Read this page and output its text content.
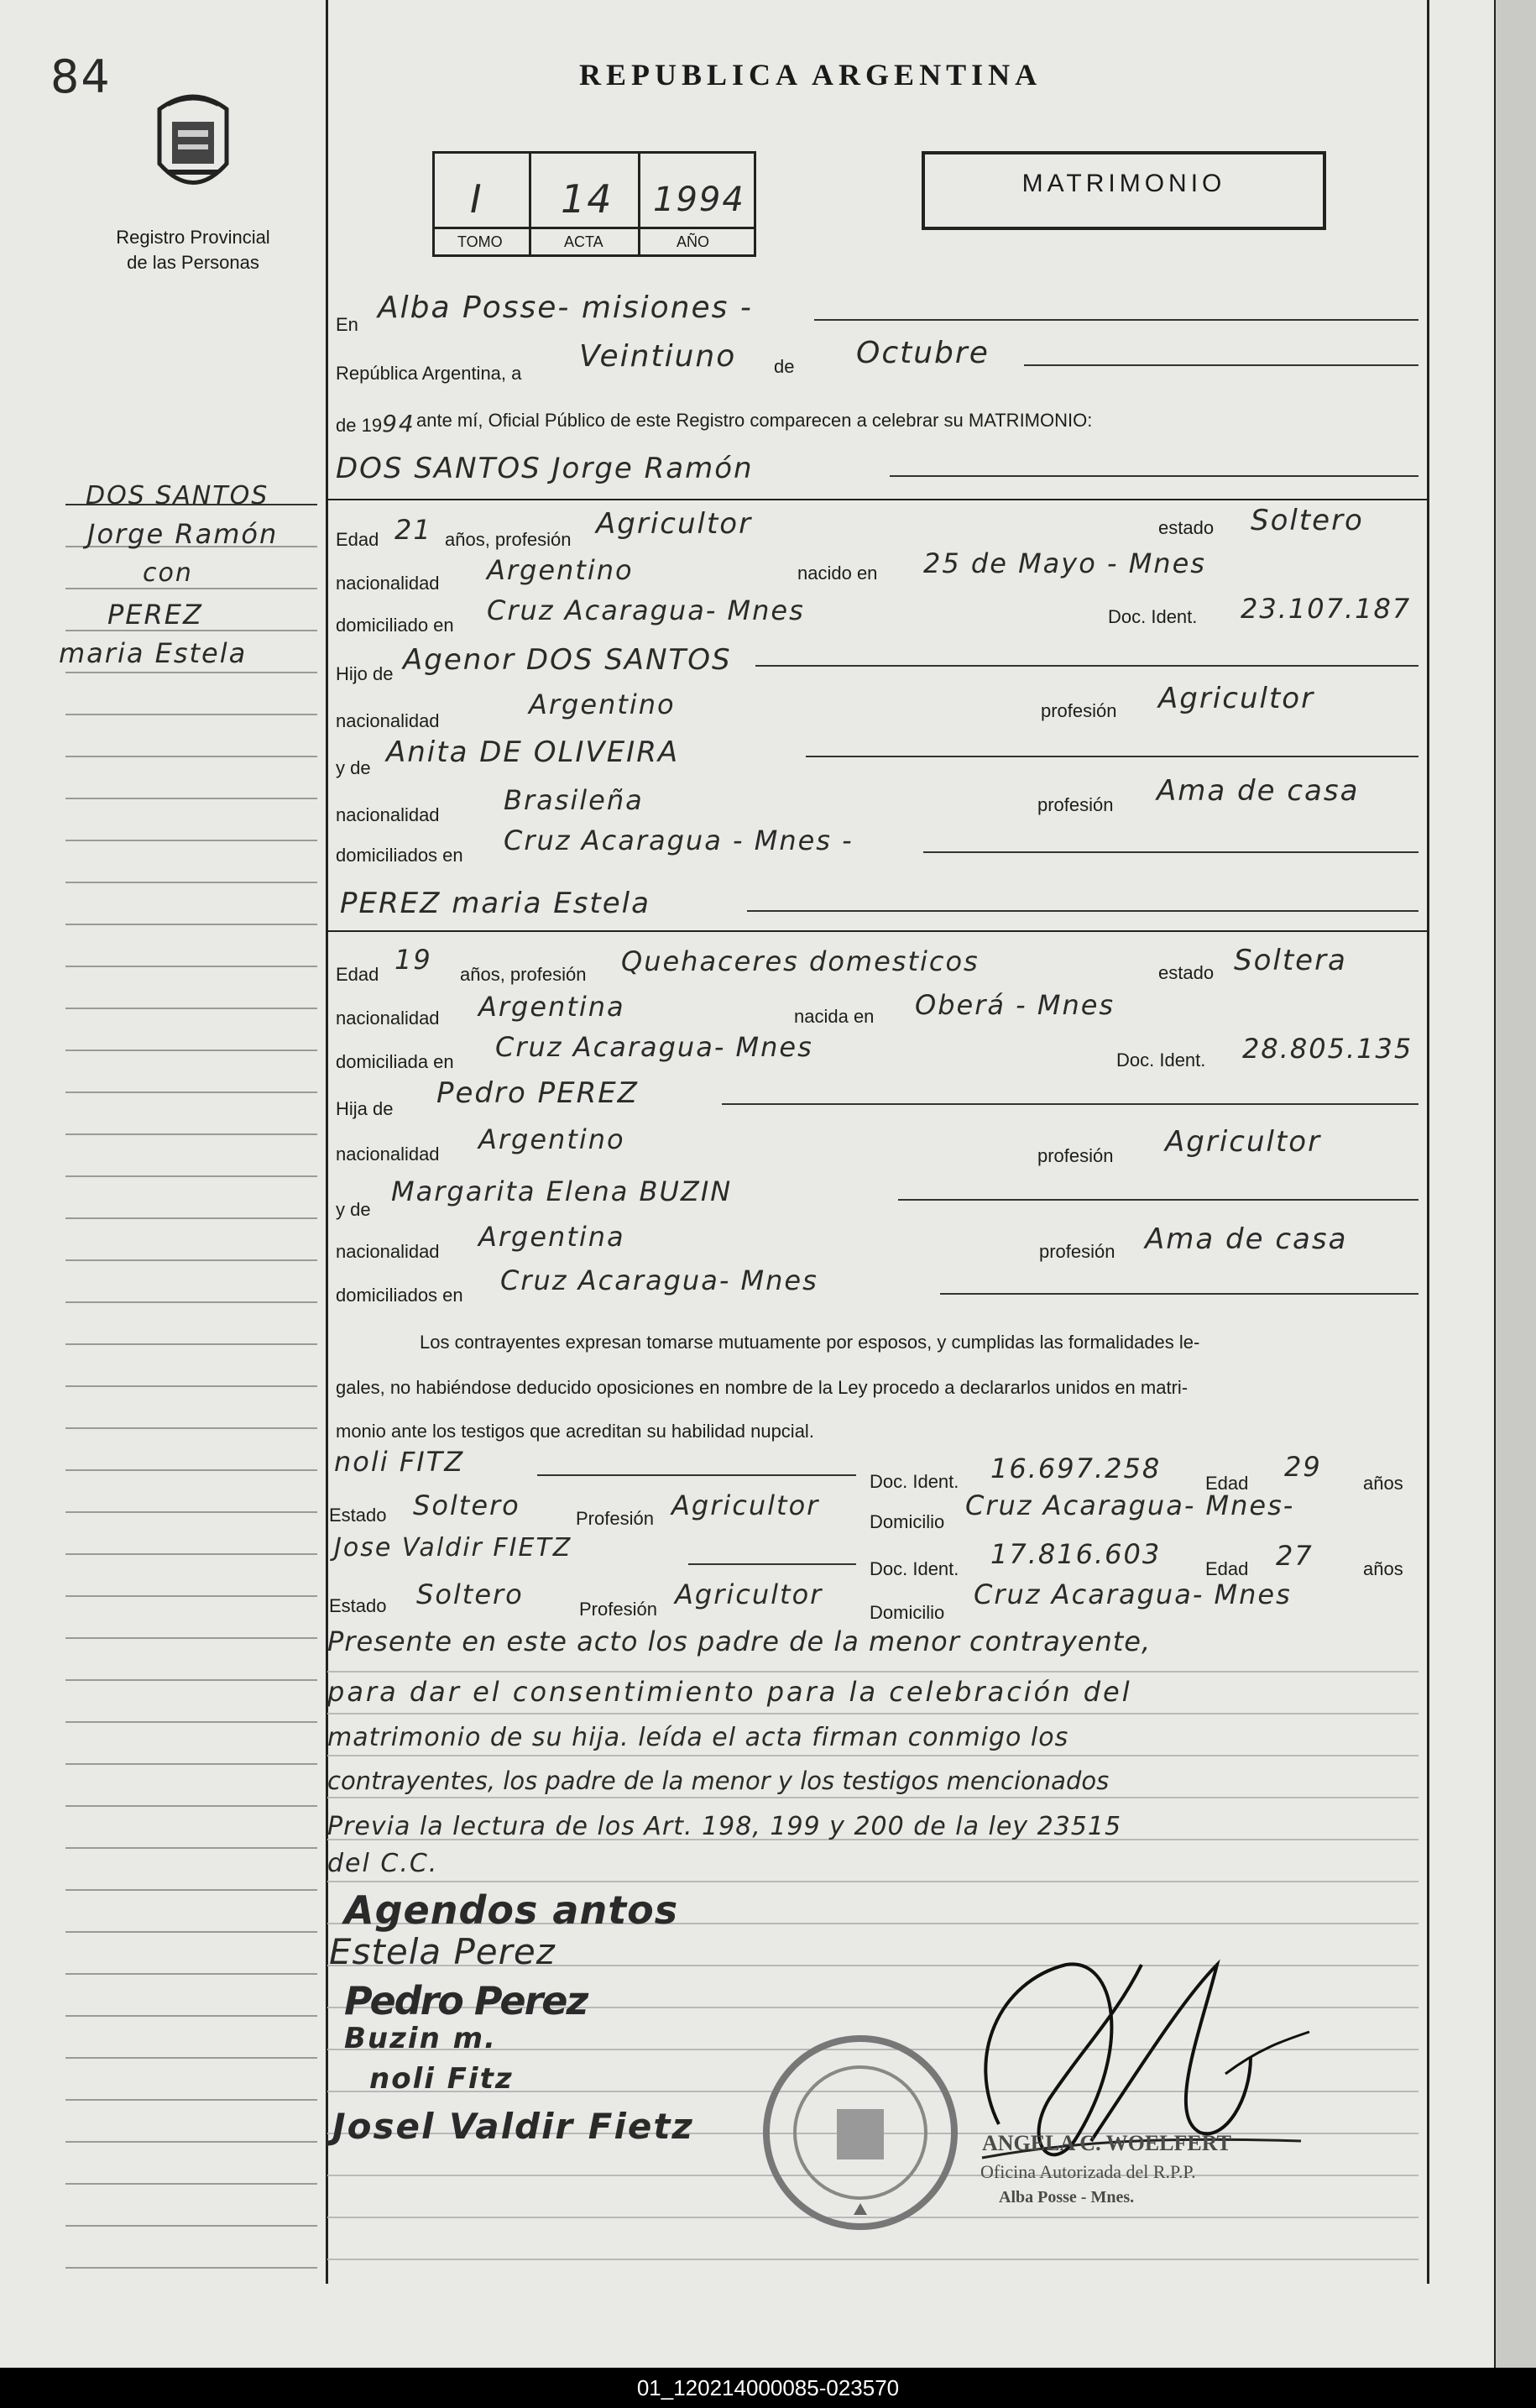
84
Registro Provincial
de las Personas
REPUBLICA ARGENTINA
I 14 1994
TOMO	ACTA	AÑO
MATRIMONIO
DOS SANTOS
Jorge Ramón
con
PEREZ
maria Estela
En Alba Posse- misiones -
República Argentina, a Veintiuno de Octubre
de 1994 ante mí, Oficial Público de este Registro comparecen a celebrar su MATRIMONIO:
DOS SANTOS Jorge Ramón
Edad 21 años, profesión Agricultor	estado Soltero
nacionalidad Argentino	nacido en 25 de Mayo - Mnes
domiciliado en Cruz Acaragua- Mnes	Doc. Ident. 23.107.187
Hijo de Agenor DOS SANTOS
nacionalidad
Argentino	profesión Agricultor
y de Anita DE OLIVEIRA
nacionalidad Brasileña	profesión Ama de casa
domiciliados en Cruz Acaragua - Mnes -
PEREZ maria Estela
Edad 19 años, profesión Quehaceres domesticos	estado Soltera
nacionalidad Argentina	nacida en Oberá - Mnes
domiciliada en Cruz Acaragua- Mnes	Doc. Ident. 28.805.135
Hija de Pedro PEREZ
nacionalidad Argentino
profesión Agricultor
y de
Margarita Elena BUZIN
nacionalidad Argentina	profesión Ama de casa
domiciliados en Cruz Acaragua- Mnes
Los contrayentes expresan tomarse mutuamente por esposos, y cumplidas las formalidades le-
gales, no habiéndose deducido oposiciones en nombre de la Ley procedo a declararlos unidos en matri-
monio ante los testigos que acreditan su habilidad nupcial.
noli FITZ
Doc. Ident. 16.697.258 Edad
29
años
Estado Soltero	Profesión Agricultor
Domicilio
Cruz Acaragua- Mnes-
Jose Valdir FIETZ
Doc. Ident. 17.816.603 Edad 27	años
Estado Soltero	Profesión Agricultor
Domicilio
Cruz Acaragua- Mnes
Presente en este acto los padre de la menor contrayente,
para dar el consentimiento para la celebración del
matrimonio de su hija. leída el acta firman conmigo los
contrayentes, los padre de la menor y los testigos mencionados
Previa la lectura de los Art. 198, 199 y 200 de la ley 23515
del C.C.
Agendos antos
Estela Perez
Pedro Perez
Buzin m.
noli Fitz
Josel Valdir Fietz	ANGELA C. WOELFERT
Oficina Autorizada del R.P.P.
Alba Posse - Mnes.
01_120214000085-023570
